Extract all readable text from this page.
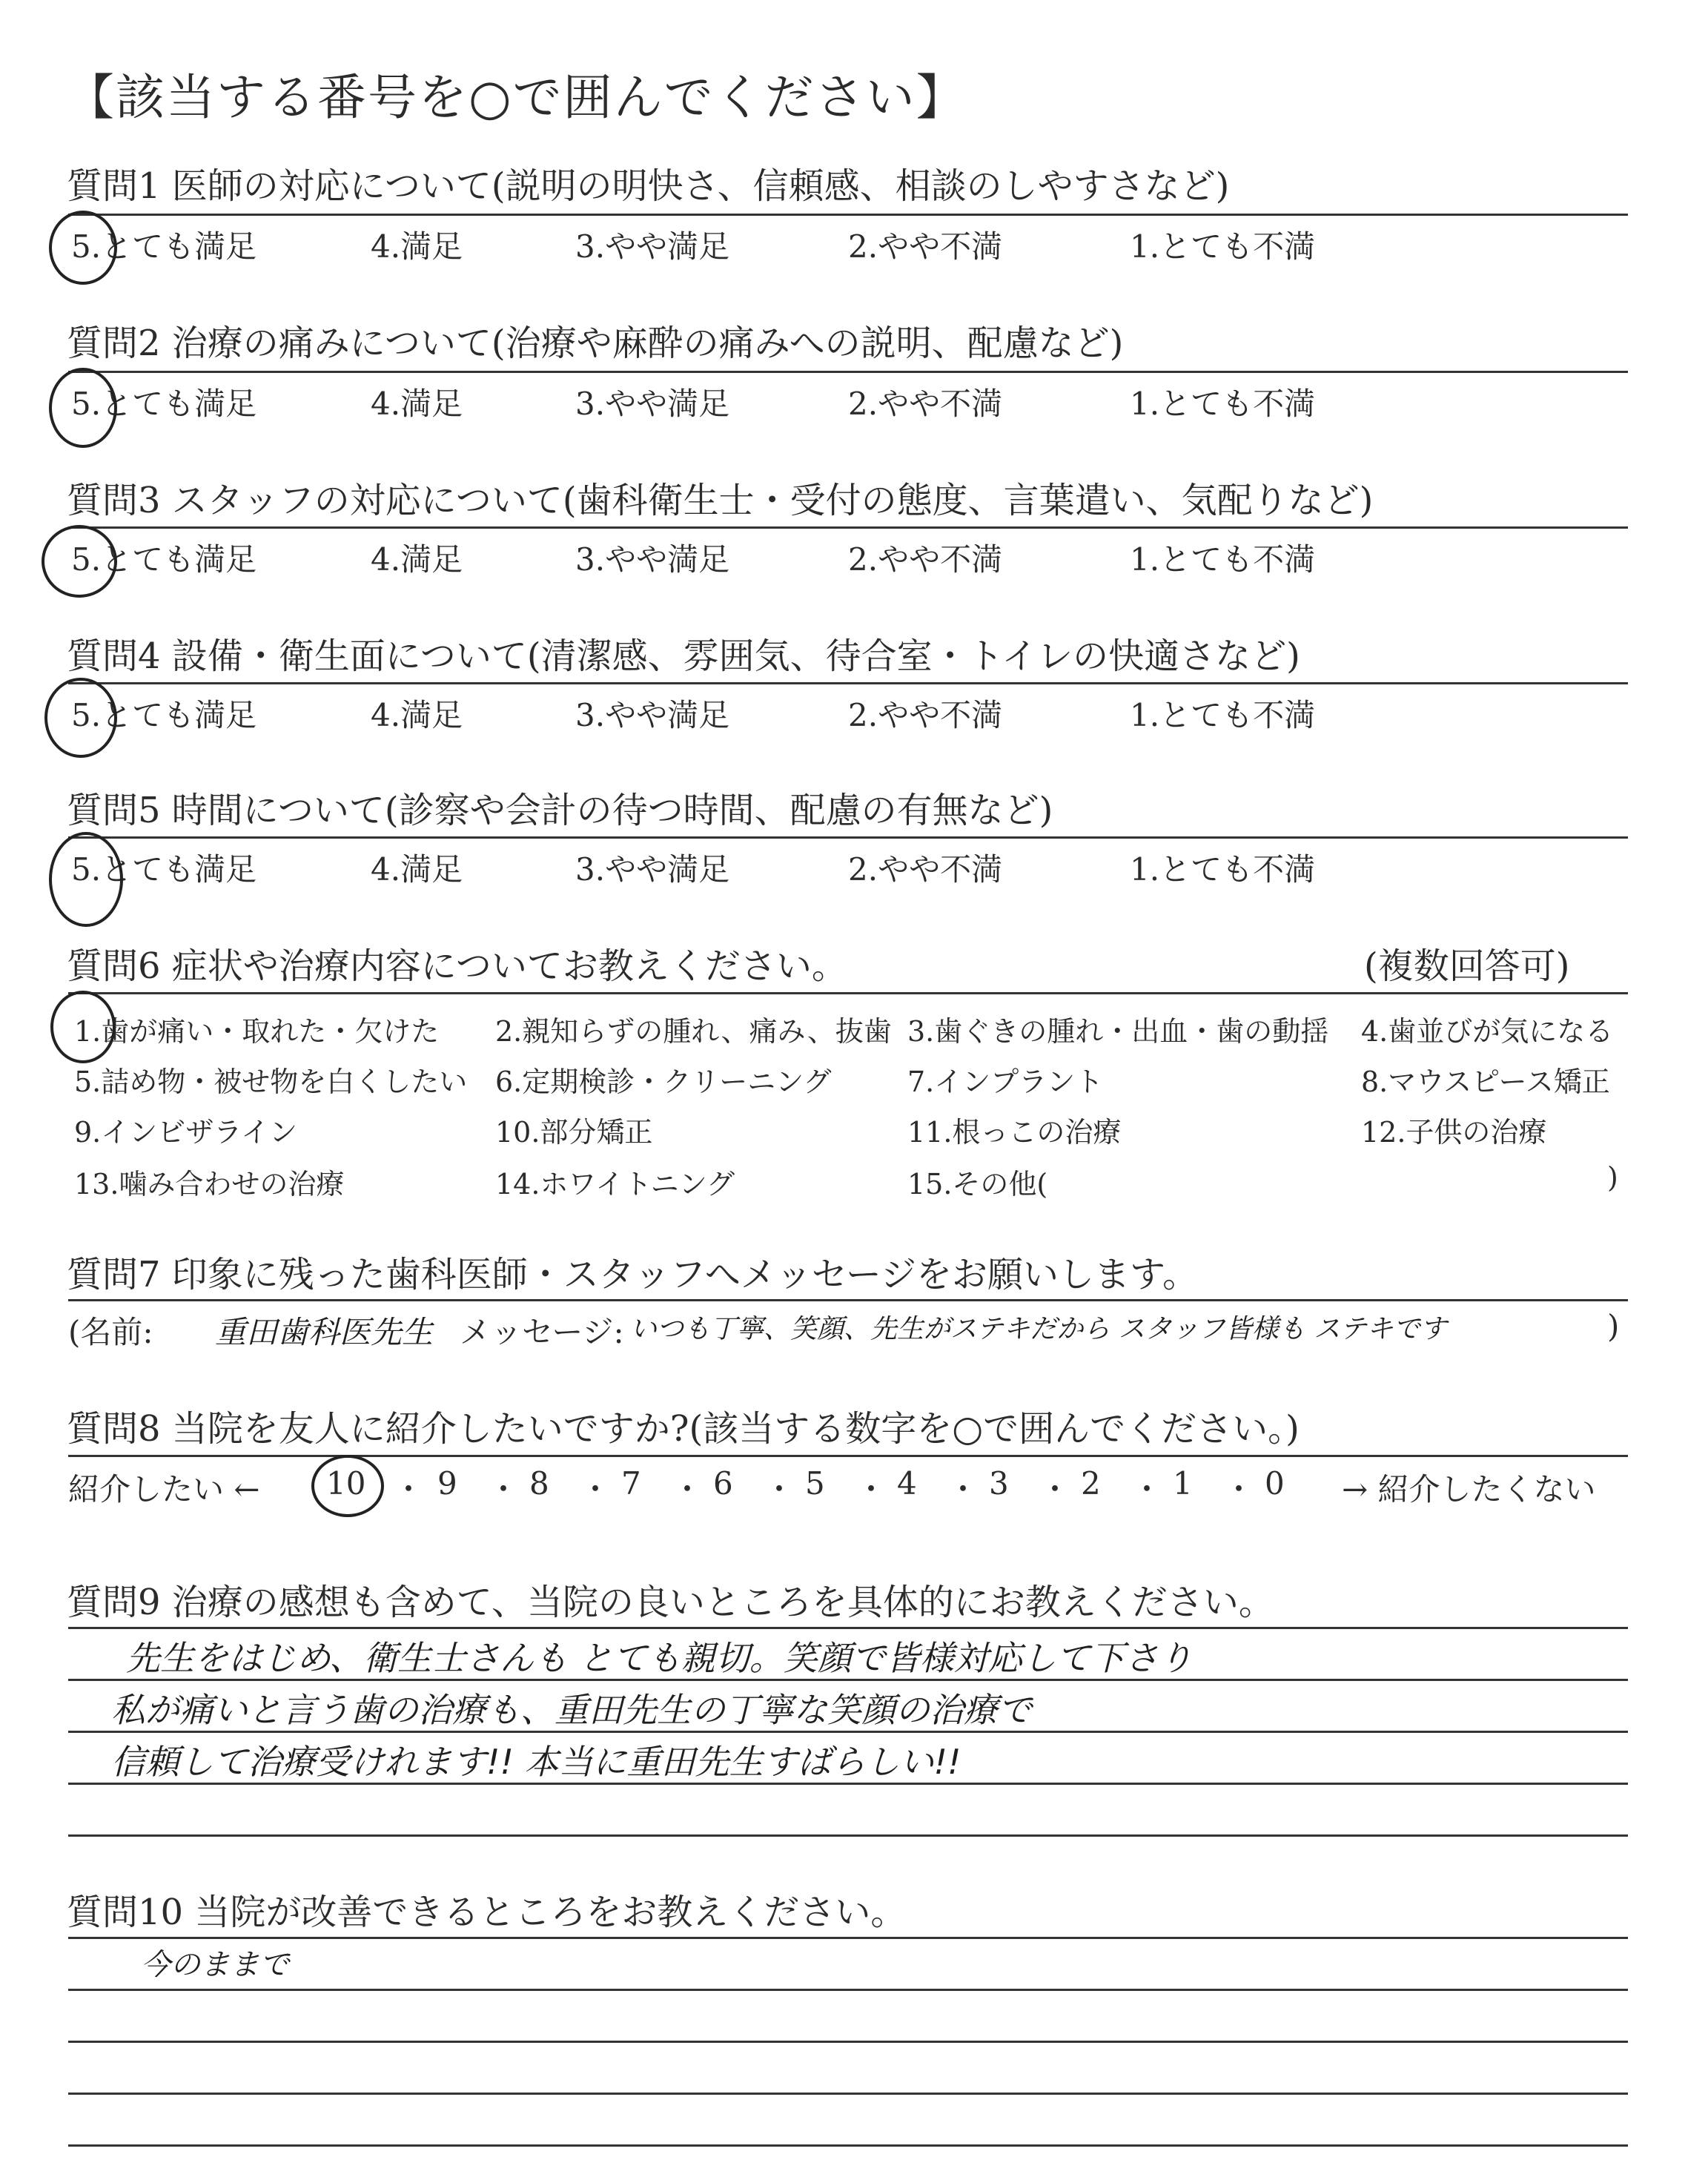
【該当する番号を○で囲んでください】
質問1 医師の対応について(説明の明快さ、信頼感、相談のしやすさなど)
5.とても満足	4.満足	3.やや満足	2.やや不満	1.とても不満
質問2 治療の痛みについて(治療や麻酔の痛みへの説明、配慮など)
5.とても満足	4.満足	3.やや満足	2.やや不満	1.とても不満
質問3 スタッフの対応について(歯科衛生士・受付の態度、言葉遣い、気配りなど)
5.とても満足	4.満足	3.やや満足	2.やや不満	1.とても不満
質問4 設備・衛生面について(清潔感、雰囲気、待合室・トイレの快適さなど)
5.とても満足	4.満足	3.やや満足	2.やや不満	1.とても不満
質問5 時間について(診察や会計の待つ時間、配慮の有無など)
5.とても満足	4.満足	3.やや満足	2.やや不満	1.とても不満
質問6 症状や治療内容についてお教えください。	(複数回答可)
1.歯が痛い・取れた・欠けた 2.親知らずの腫れ、痛み、抜歯 3.歯ぐきの腫れ・出血・歯の動揺 4.歯並びが気になる
5.詰め物・被せ物を白くしたい 6.定期検診・クリーニング	7.インプラント	8.マウスピース矯正
9.インビザライン	10.部分矯正	11.根っこの治療	12.子供の治療
13.噛み合わせの治療	14.ホワイトニング	15.その他(	)
質問7 印象に残った歯科医師・スタッフへメッセージをお願いします。
(名前: 重田歯科医先生 メッセージ: いつも丁寧、笑顔、先生がステキだから スタッフ皆様も ステキです	)
質問8 当院を友人に紹介したいですか?(該当する数字を○で囲んでください。)
紹介したい ← 10 ・ 9 ・ 8 ・ 7 ・ 6 ・ 5 ・ 4 ・ 3 ・ 2 ・ 1 ・ 0 → 紹介したくない
質問9 治療の感想も含めて、当院の良いところを具体的にお教えください。
先生をはじめ、衛生士さんも とても親切。笑顔で皆様対応して下さり
私が痛いと言う歯の治療も、重田先生の丁寧な笑顔の治療で
信頼して治療受けれます!! 本当に重田先生すばらしい!!
質問10 当院が改善できるところをお教えください。
今のままで
